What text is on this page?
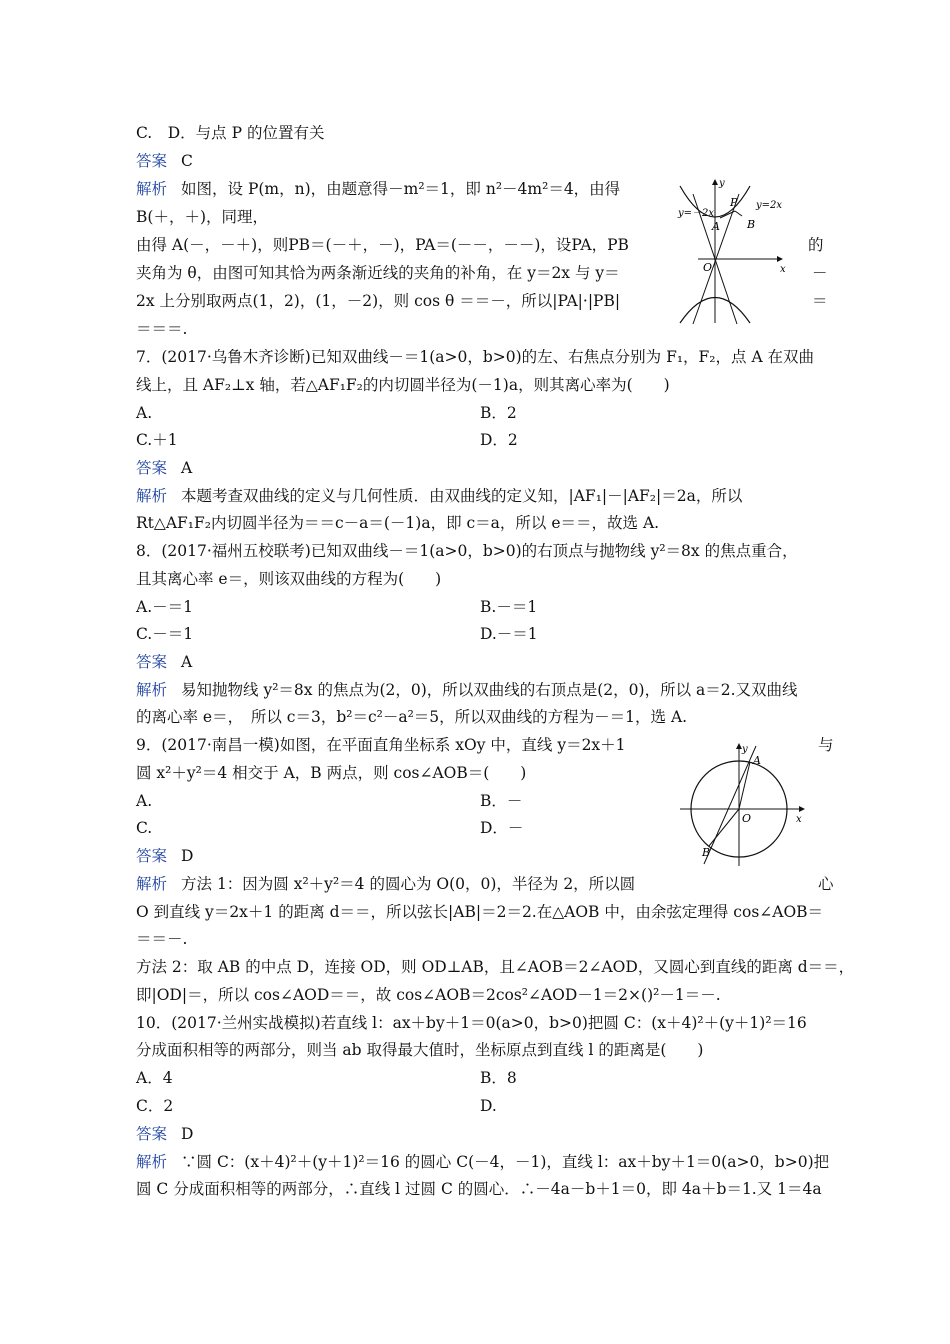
C.　D．与点 P 的位置有关
答案 C
解析 如图，设 P(m，n)，由题意得－m²＝1，即 n²－4m²＝4，由得
B(＋，＋)，同理，
由得 A(－，－＋)，则PB＝(－＋，－)，PA＝(－－，－－)，设PA，PB	的
夹角为 θ，由图可知其恰为两条渐近线的夹角的补角，在 y＝2x 与 y＝	－
2x 上分别取两点(1，2)，(1，－2)，则 cos θ ＝＝－，所以|PA|·|PB|	＝
＝＝＝.
y=－2x
y=2x
y
x
O
P
A B
7．(2017·乌鲁木齐诊断)已知双曲线－＝1(a>0，b>0)的左、右焦点分别为 F₁，F₂，点 A 在双曲
线上，且 AF₂⊥x 轴，若△AF₁F₂的内切圆半径为(－1)a，则其离心率为(　　)
A.	B．2
C.＋1	D．2
答案 A
解析 本题考查双曲线的定义与几何性质．由双曲线的定义知，|AF₁|－|AF₂|＝2a，所以
Rt△AF₁F₂内切圆半径为＝＝c－a＝(－1)a，即 c＝a，所以 e＝＝，故选 A.
8．(2017·福州五校联考)已知双曲线－＝1(a>0，b>0)的右顶点与抛物线 y²＝8x 的焦点重合，
且其离心率 e＝，则该双曲线的方程为(　　)
A.－＝1	B.－＝1
C.－＝1	D.－＝1
答案 A
解析 易知抛物线 y²＝8x 的焦点为(2，0)，所以双曲线的右顶点是(2，0)，所以 a＝2.又双曲线
的离心率 e＝，　所以 c＝3，b²＝c²－a²＝5，所以双曲线的方程为－＝1，选 A.
9．(2017·南昌一模)如图，在平面直角坐标系 xOy 中，直线 y＝2x＋1	与
圆 x²＋y²＝4 相交于 A，B 两点，则 cos∠AOB＝(　　)
A.	B．－
C.	D．－
答案 D
解析 方法 1：因为圆 x²＋y²＝4 的圆心为 O(0，0)，半径为 2，所以圆	心
O 到直线 y＝2x＋1 的距离 d＝＝，所以弦长|AB|＝2＝2.在△AOB 中，由余弦定理得 cos∠AOB＝
＝＝－.
方法 2：取 AB 的中点 D，连接 OD，则 OD⊥AB，且∠AOB＝2∠AOD，又圆心到直线的距离 d＝＝，
即|OD|＝，所以 cos∠AOD＝＝，故 cos∠AOB＝2cos²∠AOD－1＝2×()²－1＝－.
y
x
O
A
B
10．(2017·兰州实战模拟)若直线 l：ax＋by＋1＝0(a>0，b>0)把圆 C：(x＋4)²＋(y＋1)²＝16
分成面积相等的两部分，则当 ab 取得最大值时，坐标原点到直线 l 的距离是(　　)
A．4	B．8
C．2	D.
答案 D
解析 ∵圆 C：(x＋4)²＋(y＋1)²＝16 的圆心 C(－4，－1)，直线 l：ax＋by＋1＝0(a>0，b>0)把
圆 C 分成面积相等的两部分，∴直线 l 过圆 C 的圆心．∴－4a－b＋1＝0，即 4a＋b＝1.又 1＝4a
